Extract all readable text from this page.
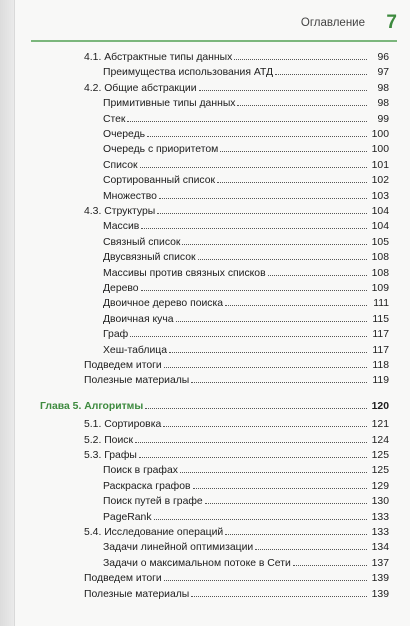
Оглавление 7
4.1. Абстрактные типы данных	96
Преимущества использования АТД	97
4.2. Общие абстракции	98
Примитивные типы данных	98
Стек	99
Очередь	100
Очередь с приоритетом	100
Список	101
Сортированный список	102
Множество	103
4.3. Структуры	104
Массив	104
Связный список	105
Двусвязный список	108
Массивы против связных списков	108
Дерево	109
Двоичное дерево поиска	111
Двоичная куча	115
Граф	117
Хеш-таблица	117
Подведем итоги	118
Полезные материалы	119
Глава 5. Алгоритмы	120
5.1. Сортировка	121
5.2. Поиск	124
5.3. Графы	125
Поиск в графах	125
Раскраска графов	129
Поиск путей в графе	130
PageRank	133
5.4. Исследование операций	133
Задачи линейной оптимизации	134
Задачи о максимальном потоке в Сети	137
Подведем итоги	139
Полезные материалы	139
